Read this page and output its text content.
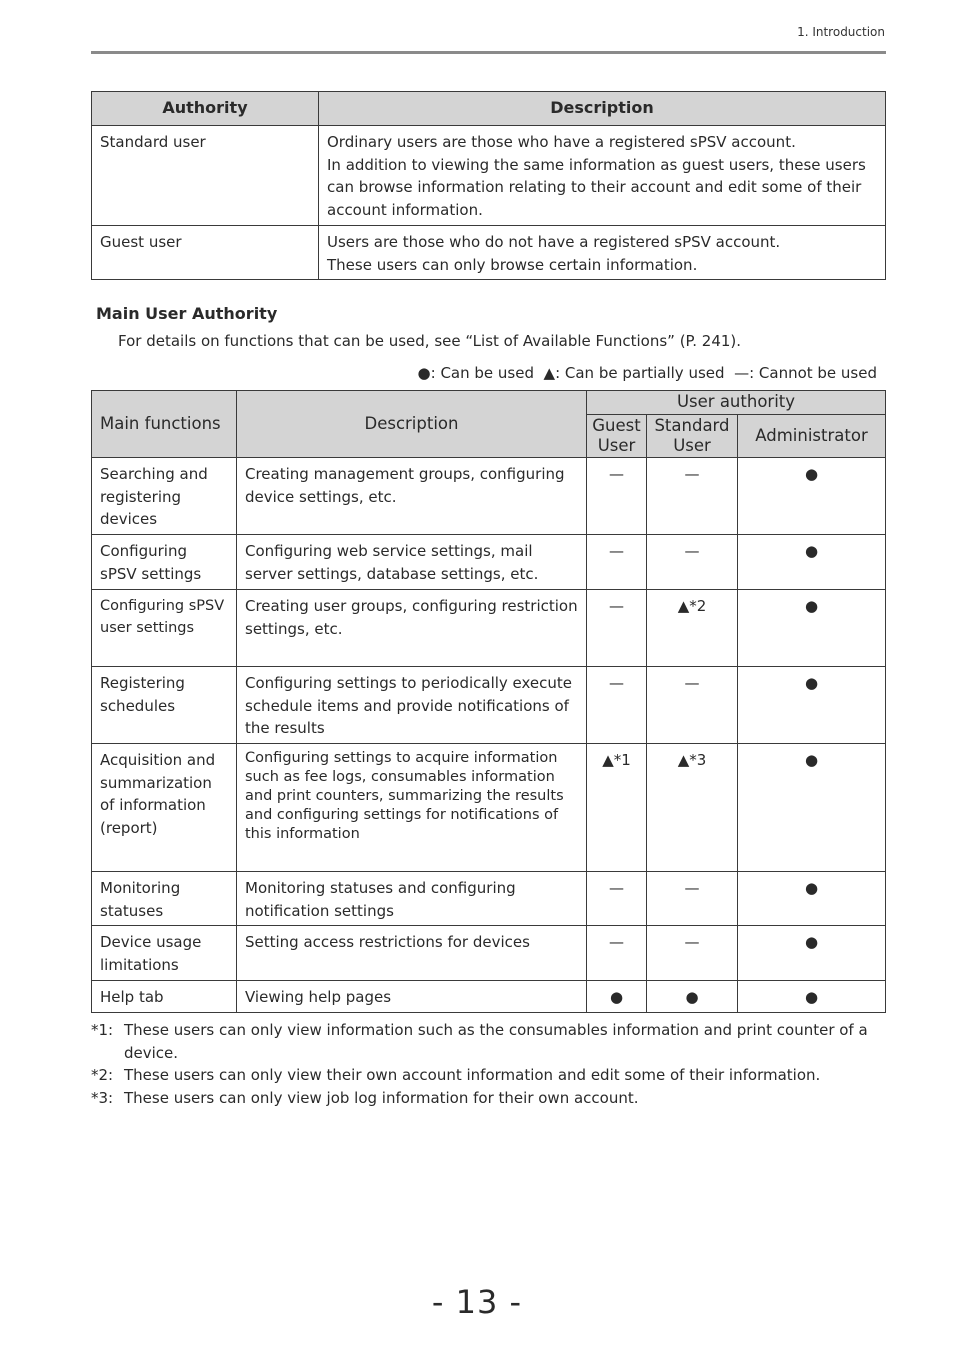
1. Introduction
Authority	Description
Standard user	Ordinary users are those who have a registered sPSV account.
In addition to viewing the same information as guest users, these users can browse information relating to their account and edit some of their account information.

Guest user	Users are those who do not have a registered sPSV account.
These users can only browse certain information.
Main User Authority
For details on functions that can be used, see “List of Available Functions” (P. 241).
●: Can be used ▲: Can be partially used —: Cannot be used
Main functions	Description	User authority		
		Guest User	Standard User	Administrator
Searching and registering devices	Creating management groups, configuring device settings, etc.	—	—	●
Configuring sPSV settings	Configuring web service settings, mail server settings, database settings, etc.	—	—	●
Configuring sPSV user settings	Creating user groups, configuring restriction settings, etc.	—	▲*2	●
Registering schedules	Configuring settings to periodically execute schedule items and provide notifications of the results	—	—	●
Acquisition and summarization of information (report)	Configuring settings to acquire information such as fee logs, consumables information and print counters, summarizing the results and configuring settings for notifications of this information	▲*1	▲*3	●
Monitoring statuses	Monitoring statuses and configuring notification settings	—	—	●
Device usage limitations	Setting access restrictions for devices	—	—	●
Help tab	Viewing help pages	●	●	●
*1: These users can only view information such as the consumables information and print counter of a device.
*2: These users can only view their own account information and edit some of their information.
*3: These users can only view job log information for their own account.
- 13 -
